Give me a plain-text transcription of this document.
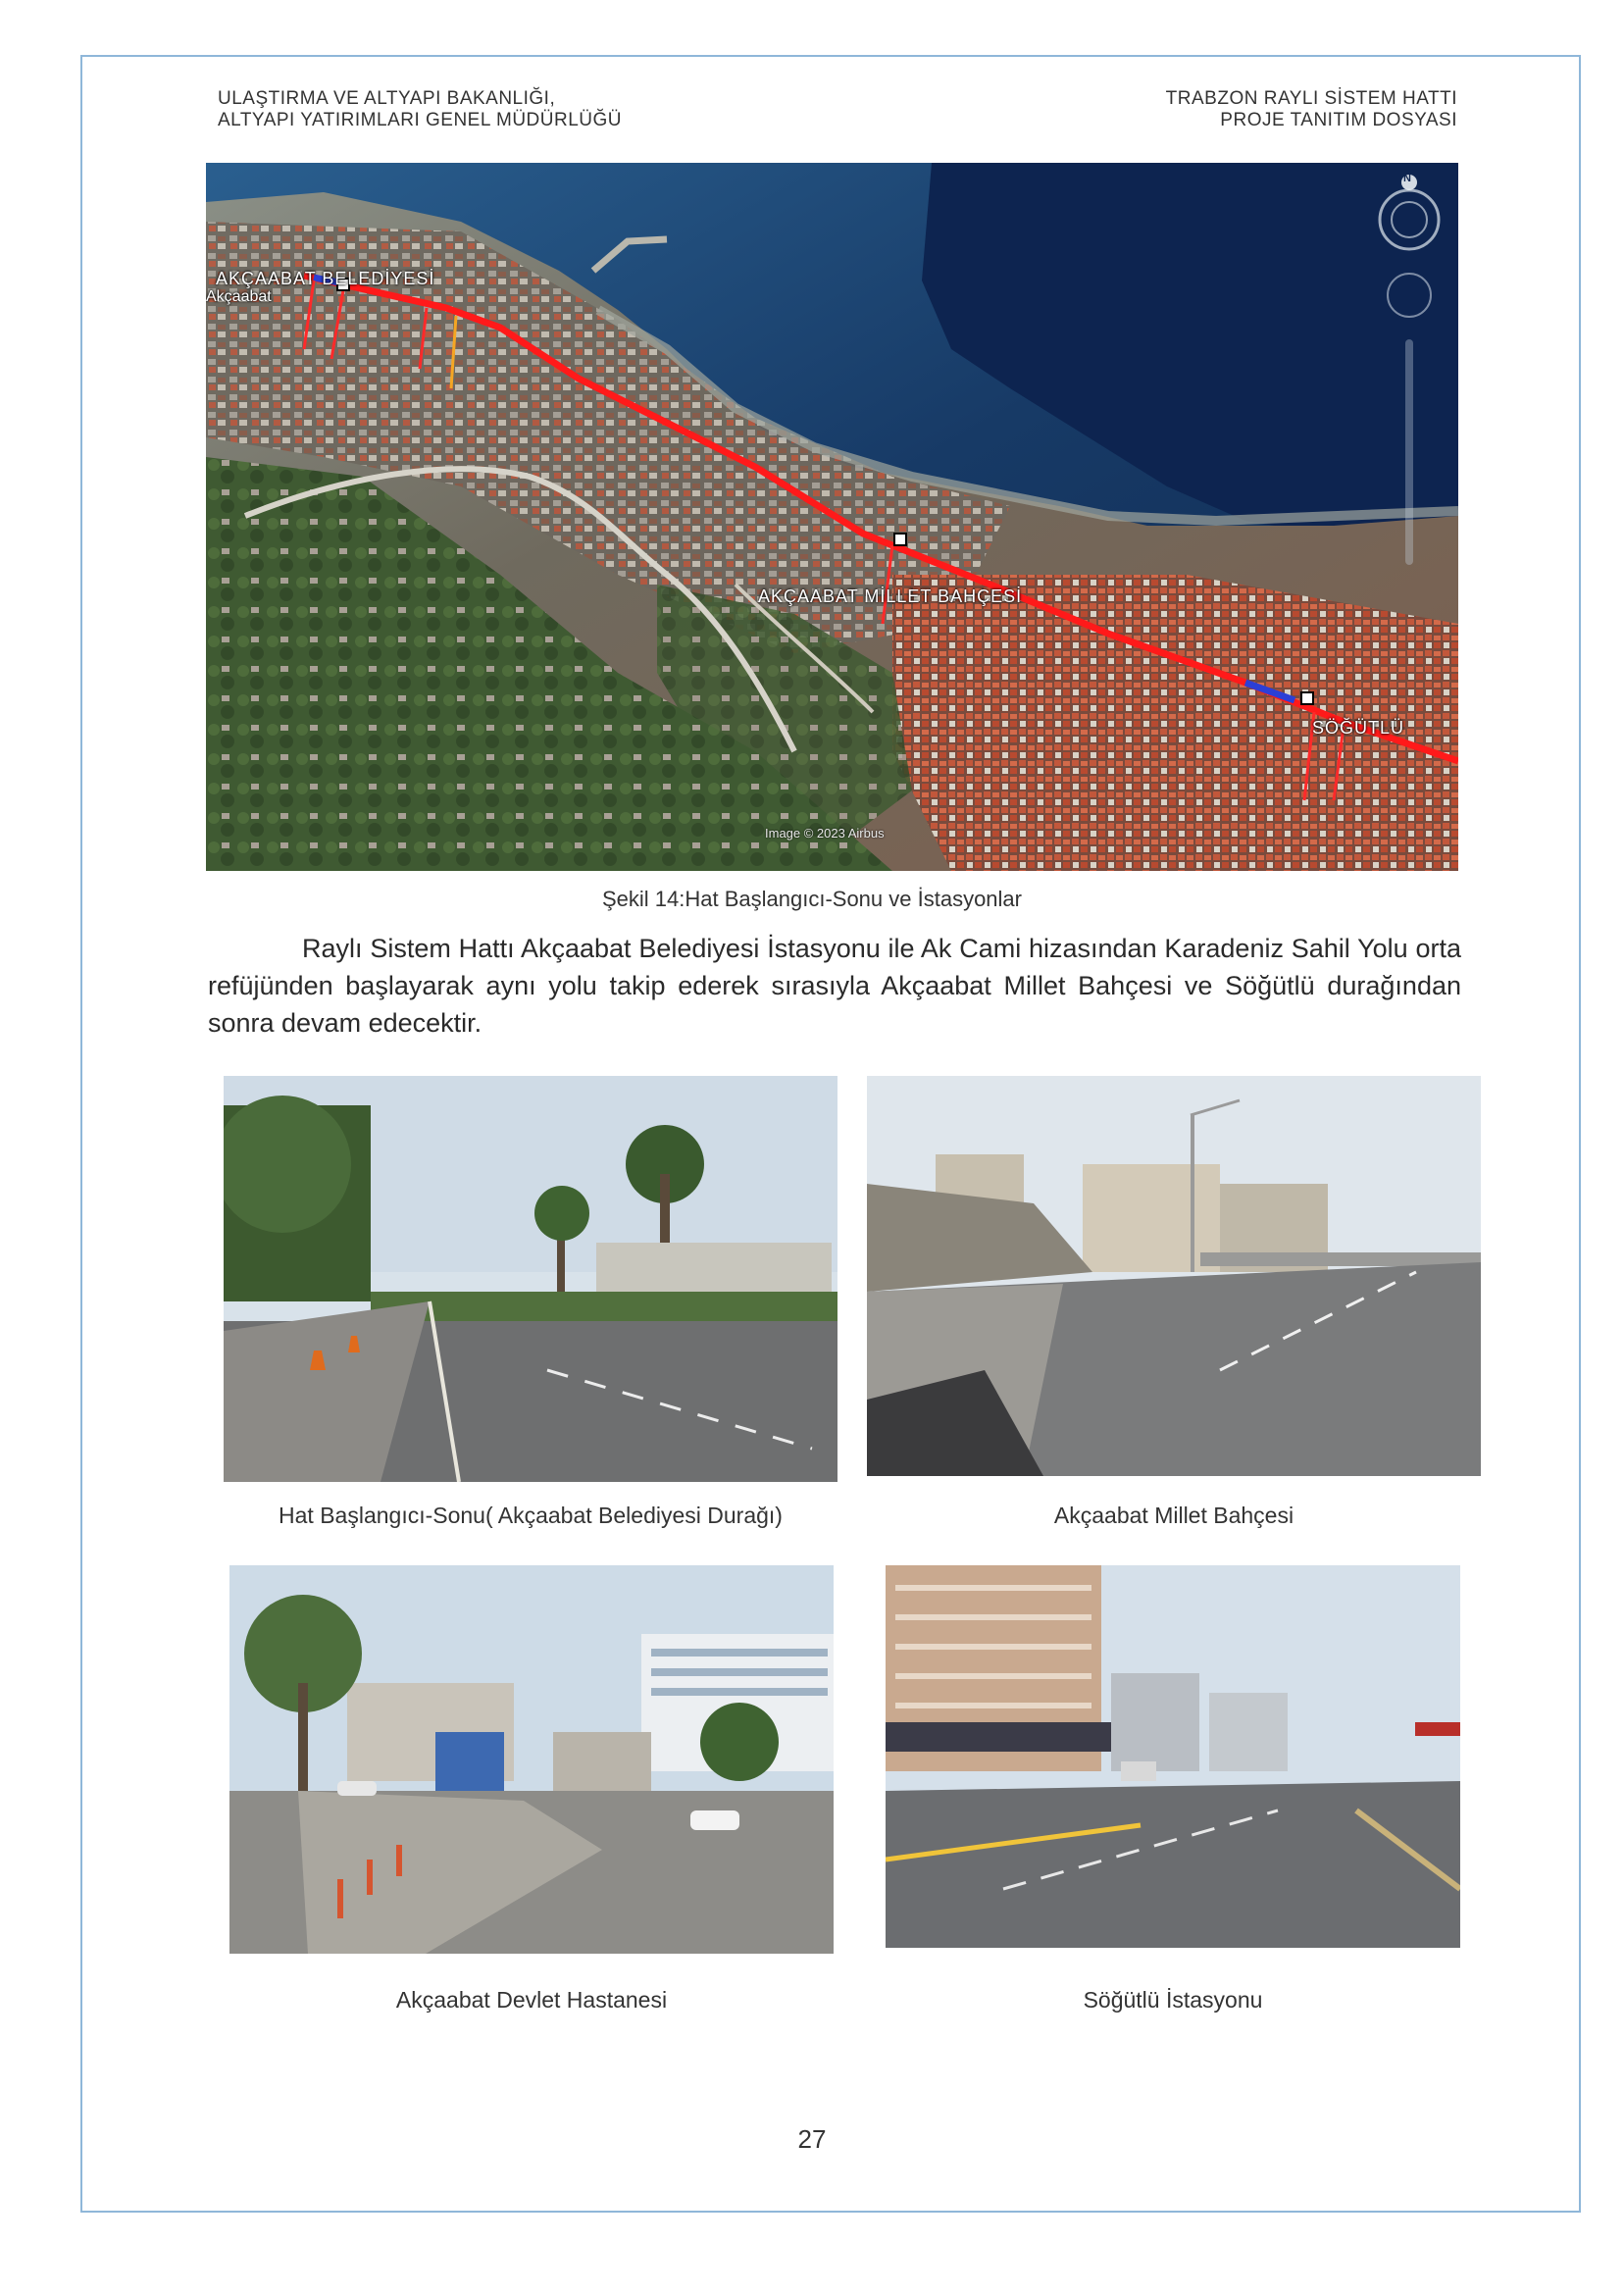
ULAŞTIRMA VE ALTYAPI BAKANLIĞI,
ALTYAPI YATIRIMLARI GENEL MÜDÜRLÜĞÜ
TRABZON RAYLI SİSTEM HATTI
PROJE TANITIM DOSYASI
AKÇAABAT BELEDİYESİ
Akçaabat
AKÇAABAT MİLLET BAHÇESİ
SÖĞÜTLÜ
Image © 2023 Airbus
N
Şekil 14:Hat Başlangıcı-Sonu ve İstasyonlar
Raylı Sistem Hattı Akçaabat Belediyesi İstasyonu ile Ak Cami hizasından Karadeniz Sahil Yolu orta refüjünden başlayarak aynı yolu takip ederek sırasıyla Akçaabat Millet Bahçesi ve Söğütlü durağından sonra devam edecektir.
Hat Başlangıcı-Sonu( Akçaabat Belediyesi Durağı)	Akçaabat Millet Bahçesi
Akçaabat Devlet Hastanesi	Söğütlü İstasyonu
27
